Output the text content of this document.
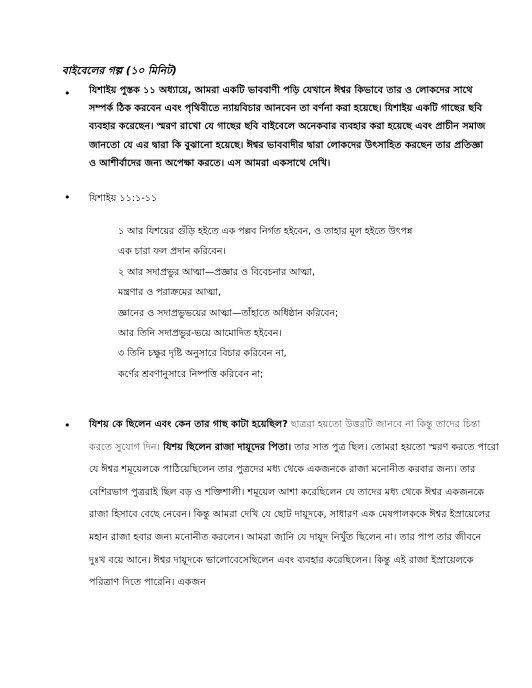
বাইবেলের গল্প (১০ মিনিট)
• যিশাইয় পুস্তক ১১ অধ্যায়ে, আমরা একটি ভাববাণী পড়ি যেখানে ঈশ্বর কিভাবে তার ও লোকদের সাথে সম্পর্ক ঠিক করবেন এবং পৃথিবীতে ন্যায়বিচার আনবেন তা বর্ণনা করা হয়েছে। যিশাইয় একটি গাছের ছবি ব্যবহার করেছেন। স্মরণ রাখো যে গাছের ছবি বাইবেলে অনেকবার ব্যবহার করা হয়েছে এবং প্রাচীন সমাজ জানতো যে এর দ্বারা কি বুঝানো হয়েছে। ঈশ্বর ভাববাদীর দ্বারা লোকদের উৎসাহিত করছেন তার প্রতিজ্ঞা ও আশীর্বাদের জন্য অপেক্ষা করতে। এস আমরা একসাথে দেখি।
• যিশাইয় ১১:১-১১
১ আর যিশয়ের গুঁড়ি হইতে এক পল্লব নির্গত হইবেন, ও তাহার মূল হইতে উৎপন্ন
এক চারা ফল প্রদান করিবেন।
২ আর সদাপ্রভুর আত্মা—প্রজ্ঞার ও বিবেচনার আত্মা,
মন্ত্রণার ও পরাক্রমের আত্মা,
জ্ঞানের ও সদাপ্রভুভয়ের আত্মা—তাঁহাতে অধিষ্ঠান করিবেন;
আর তিনি সদাপ্রভুর-ভয়ে আমোদিত হইবেন।
৩ তিনি চক্ষুর দৃষ্টি অনুসারে বিচার করিবেন না,
কর্ণের শ্রবণানুসারে নিষ্পত্তি করিবেন না;
• যিশয় কে ছিলেন এবং কেন তার গাছ কাটা হয়েছিল? ছাত্ররা হয়তো উত্তরটি জানবে না কিন্তু তাদের চিন্তা করতে সুযোগ দিন। যিশয় ছিলেন রাজা দায়ূদের পিতা। তার সাত পুত্র ছিল। তোমরা হয়তো স্মরণ করতে পারো যে ঈশ্বর শমূয়েলকে পাঠিয়েছিলেন তার পুত্রদের মধ্য থেকে একজনকে রাজা মনোনীত করবার জন্য। তার বেশিরভাগ পুত্ররাই ছিল বড় ও শক্তিশালী। শমূয়েল আশা করেছিলেন যে তাদের মধ্য থেকে ঈশ্বর একজনকে রাজা হিসাবে বেছে নেবেন। কিন্তু আমরা দেখি যে ছোট দায়ূদকে, সাধারণ এক মেষপালককে ঈশ্বর ইস্রায়েলের মহান রাজা হবার জন্য মনোনীত করলেন। আমরা জানি যে দায়ূদ নিখুঁত ছিলেন না। তার পাপ তার জীবনে দুঃখ বয়ে আনে। ঈশ্বর দায়ূদকে ভালোবেসেছিলেন এবং ব্যবহার করেছিলেন। কিন্তু এই রাজা ইস্রায়েলকে পরিত্রাণ দিতে পারেনি। একজন
